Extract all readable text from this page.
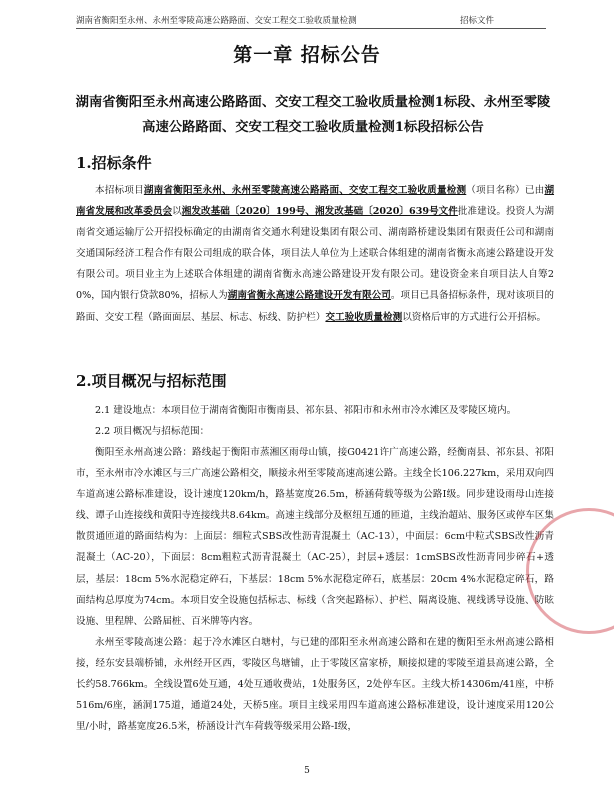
湖南省衡阳至永州、永州至零陵高速公路路面、交安工程交工验收质量检测	招标文件
第一章 招标公告
湖南省衡阳至永州高速公路路面、交安工程交工验收质量检测1标段、永州至零陵高速公路路面、交安工程交工验收质量检测1标段招标公告
1.招标条件
本招标项目湖南省衡阳至永州、永州至零陵高速公路路面、交安工程交工验收质量检测（项目名称）已由湖南省发展和改革委员会以湘发改基础〔2020〕199号、湘发改基础〔2020〕639号文件批准建设。投资人为湖南省交通运输厅公开招投标确定的由湖南省交通水利建设集团有限公司、湖南路桥建设集团有限责任公司和湖南交通国际经济工程合作有限公司组成的联合体，项目法人单位为上述联合体组建的湖南省衡永高速公路建设开发有限公司。项目业主为上述联合体组建的湖南省衡永高速公路建设开发有限公司。建设资金来自项目法人自筹20%，国内银行贷款80%，招标人为湖南省衡永高速公路建设开发有限公司。项目已具备招标条件，现对该项目的路面、交安工程（路面面层、基层、标志、标线、防护栏）交工验收质量检测以资格后审的方式进行公开招标。
2.项目概况与招标范围
2.1 建设地点：本项目位于湖南省衡阳市衡南县、祁东县、祁阳市和永州市冷水滩区及零陵区境内。
2.2 项目概况与招标范围：
衡阳至永州高速公路：路线起于衡阳市蒸湘区雨母山镇，接G0421许广高速公路，经衡南县、祁东县、祁阳市，至永州市冷水滩区与三广高速公路相交，顺接永州至零陵高速高速公路。主线全长106.227km，采用双向四车道高速公路标准建设，设计速度120km/h，路基宽度26.5m，桥涵荷载等级为公路Ⅰ级。同步建设雨母山连接线、谭子山连接线和黄阳寺连接线共8.64km。高速主线部分及枢纽互通的匝道，主线治超站、服务区或停车区集散贯通匝道的路面结构为：上面层：细粒式SBS改性沥青混凝土（AC-13），中面层：6cm中粒式SBS改性沥青混凝土（AC-20），下面层：8cm粗粒式沥青混凝土（AC-25），封层+透层：1cmSBS改性沥青同步碎石+透层，基层：18cm 5%水泥稳定碎石，下基层：18cm 5%水泥稳定碎石，底基层：20cm 4%水泥稳定碎石，路面结构总厚度为74cm。本项目安全设施包括标志、标线（含突起路标）、护栏、隔离设施、视线诱导设施、防眩设施、里程牌、公路届桩、百米牌等内容。
永州至零陵高速公路：起于冷水滩区白塘村，与已建的邵阳至永州高速公路和在建的衡阳至永州高速公路相接，经东安县端桥铺，永州经开区西，零陵区鸟塘铺，止于零陵区富家桥，顺接拟建的零陵至道县高速公路，全长约58.766km。全线设置6处互通，4处互通收费站，1处服务区，2处停车区。主线大桥14306m/41座，中桥516m/6座，涵洞175道，通道24处，天桥5座。项目主线采用四车道高速公路标准建设，设计速度采用120公里/小时，路基宽度26.5米，桥涵设计汽车荷载等级采用公路-Ⅰ级，
5
